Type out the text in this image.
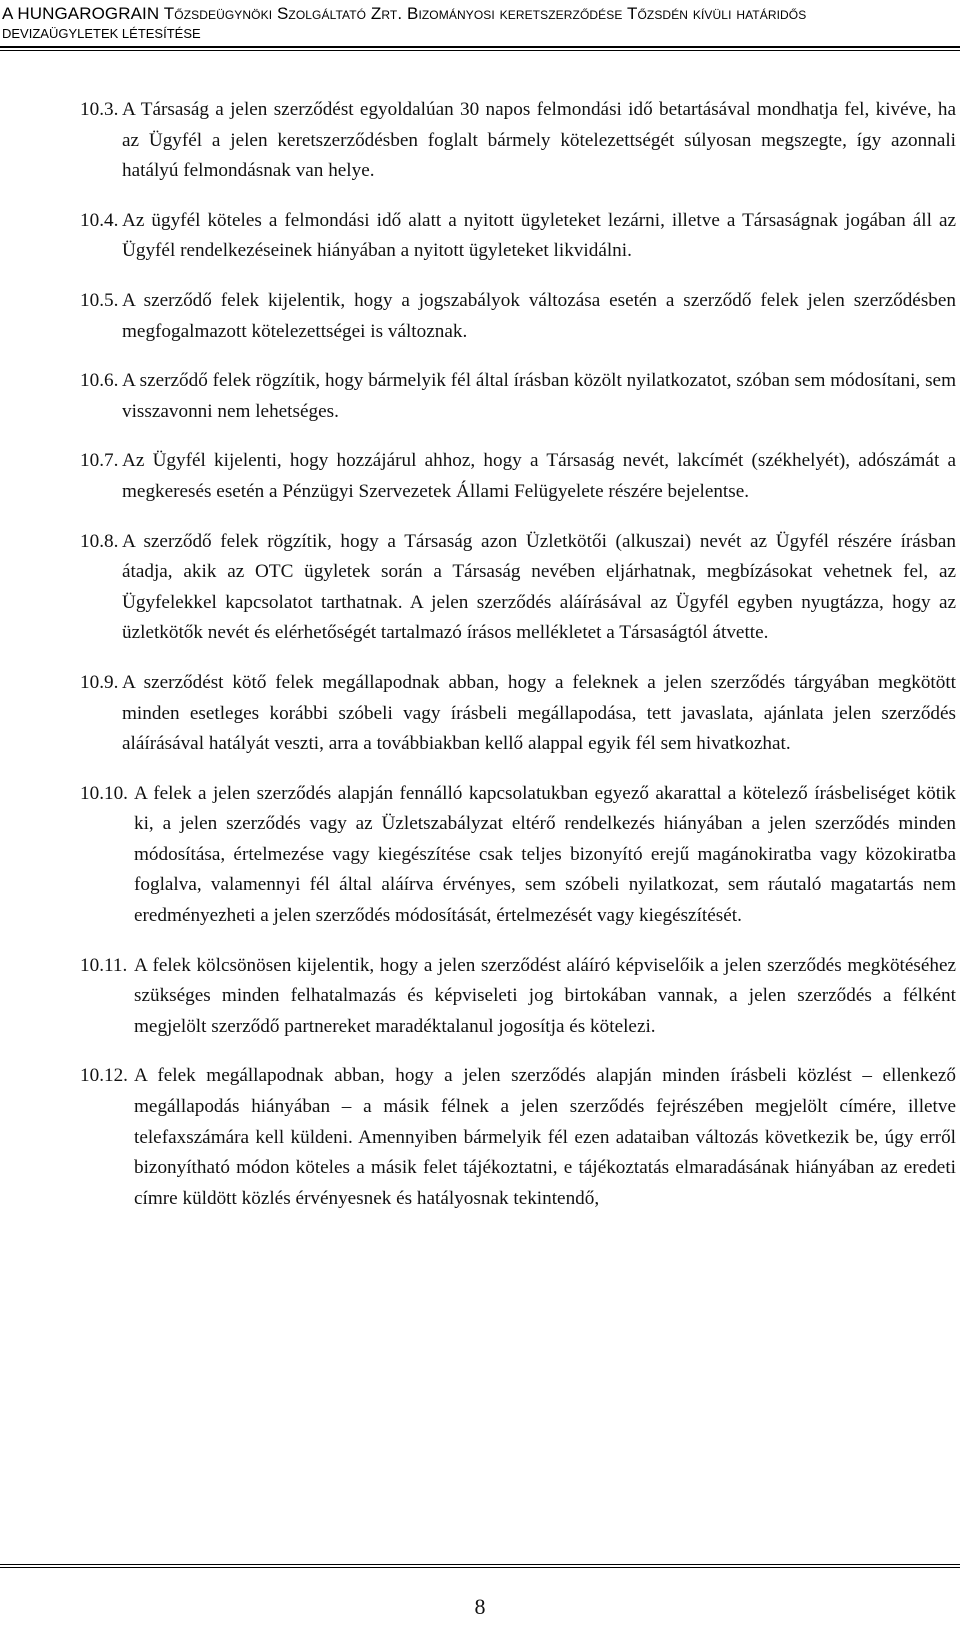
A HUNGAROGRAIN Tőzsdeügynöki Szolgáltató Zrt. Bizományosi keretszerződése Tőzsdén kívüli határidős
DEVIZAÜGYLETEK LÉTESÍTÉSE
10.3. A Társaság a jelen szerződést egyoldalúan 30 napos felmondási idő betartásával mondhatja fel, kivéve, ha az Ügyfél a jelen keretszerződésben foglalt bármely kötelezettségét súlyosan megszegte, így azonnali hatályú felmondásnak van helye.
10.4. Az ügyfél köteles a felmondási idő alatt a nyitott ügyleteket lezárni, illetve a Társaságnak jogában áll az Ügyfél rendelkezéseinek hiányában a nyitott ügyleteket likvidálni.
10.5. A szerződő felek kijelentik, hogy a jogszabályok változása esetén a szerződő felek jelen szerződésben megfogalmazott kötelezettségei is változnak.
10.6. A szerződő felek rögzítik, hogy bármelyik fél által írásban közölt nyilatkozatot, szóban sem módosítani, sem visszavonni nem lehetséges.
10.7. Az Ügyfél kijelenti, hogy hozzájárul ahhoz, hogy a Társaság nevét, lakcímét (székhelyét), adószámát a megkeresés esetén a Pénzügyi Szervezetek Állami Felügyelete részére bejelentse.
10.8. A szerződő felek rögzítik, hogy a Társaság azon Üzletkötői (alkuszai) nevét az Ügyfél részére írásban átadja, akik az OTC ügyletek során a Társaság nevében eljárhatnak, megbízásokat vehetnek fel, az Ügyfelekkel kapcsolatot tarthatnak. A jelen szerződés aláírásával az Ügyfél egyben nyugtázza, hogy az üzletkötők nevét és elérhetőségét tartalmazó írásos mellékletet a Társaságtól átvette.
10.9. A szerződést kötő felek megállapodnak abban, hogy a feleknek a jelen szerződés tárgyában megkötött minden esetleges korábbi szóbeli vagy írásbeli megállapodása, tett javaslata, ajánlata jelen szerződés aláírásával hatályát veszti, arra a továbbiakban kellő alappal egyik fél sem hivatkozhat.
10.10. A felek a jelen szerződés alapján fennálló kapcsolatukban egyező akarattal a kötelező írásbeliséget kötik ki, a jelen szerződés vagy az Üzletszabályzat eltérő rendelkezés hiányában a jelen szerződés minden módosítása, értelmezése vagy kiegészítése csak teljes bizonyító erejű magánokiratba vagy közokiratba foglalva, valamennyi fél által aláírva érvényes, sem szóbeli nyilatkozat, sem ráutaló magatartás nem eredményezheti a jelen szerződés módosítását, értelmezését vagy kiegészítését.
10.11. A felek kölcsönösen kijelentik, hogy a jelen szerződést aláíró képviselőik a jelen szerződés megkötéséhez szükséges minden felhatalmazás és képviseleti jog birtokában vannak, a jelen szerződés a félként megjelölt szerződő partnereket maradéktalanul jogosítja és kötelezi.
10.12. A felek megállapodnak abban, hogy a jelen szerződés alapján minden írásbeli közlést – ellenkező megállapodás hiányában – a másik félnek a jelen szerződés fejrészében megjelölt címére, illetve telefaxszámára kell küldeni. Amennyiben bármelyik fél ezen adataiban változás következik be, úgy erről bizonyítható módon köteles a másik felet tájékoztatni, e tájékoztatás elmaradásának hiányában az eredeti címre küldött közlés érvényesnek és hatályosnak tekintendő,
8
